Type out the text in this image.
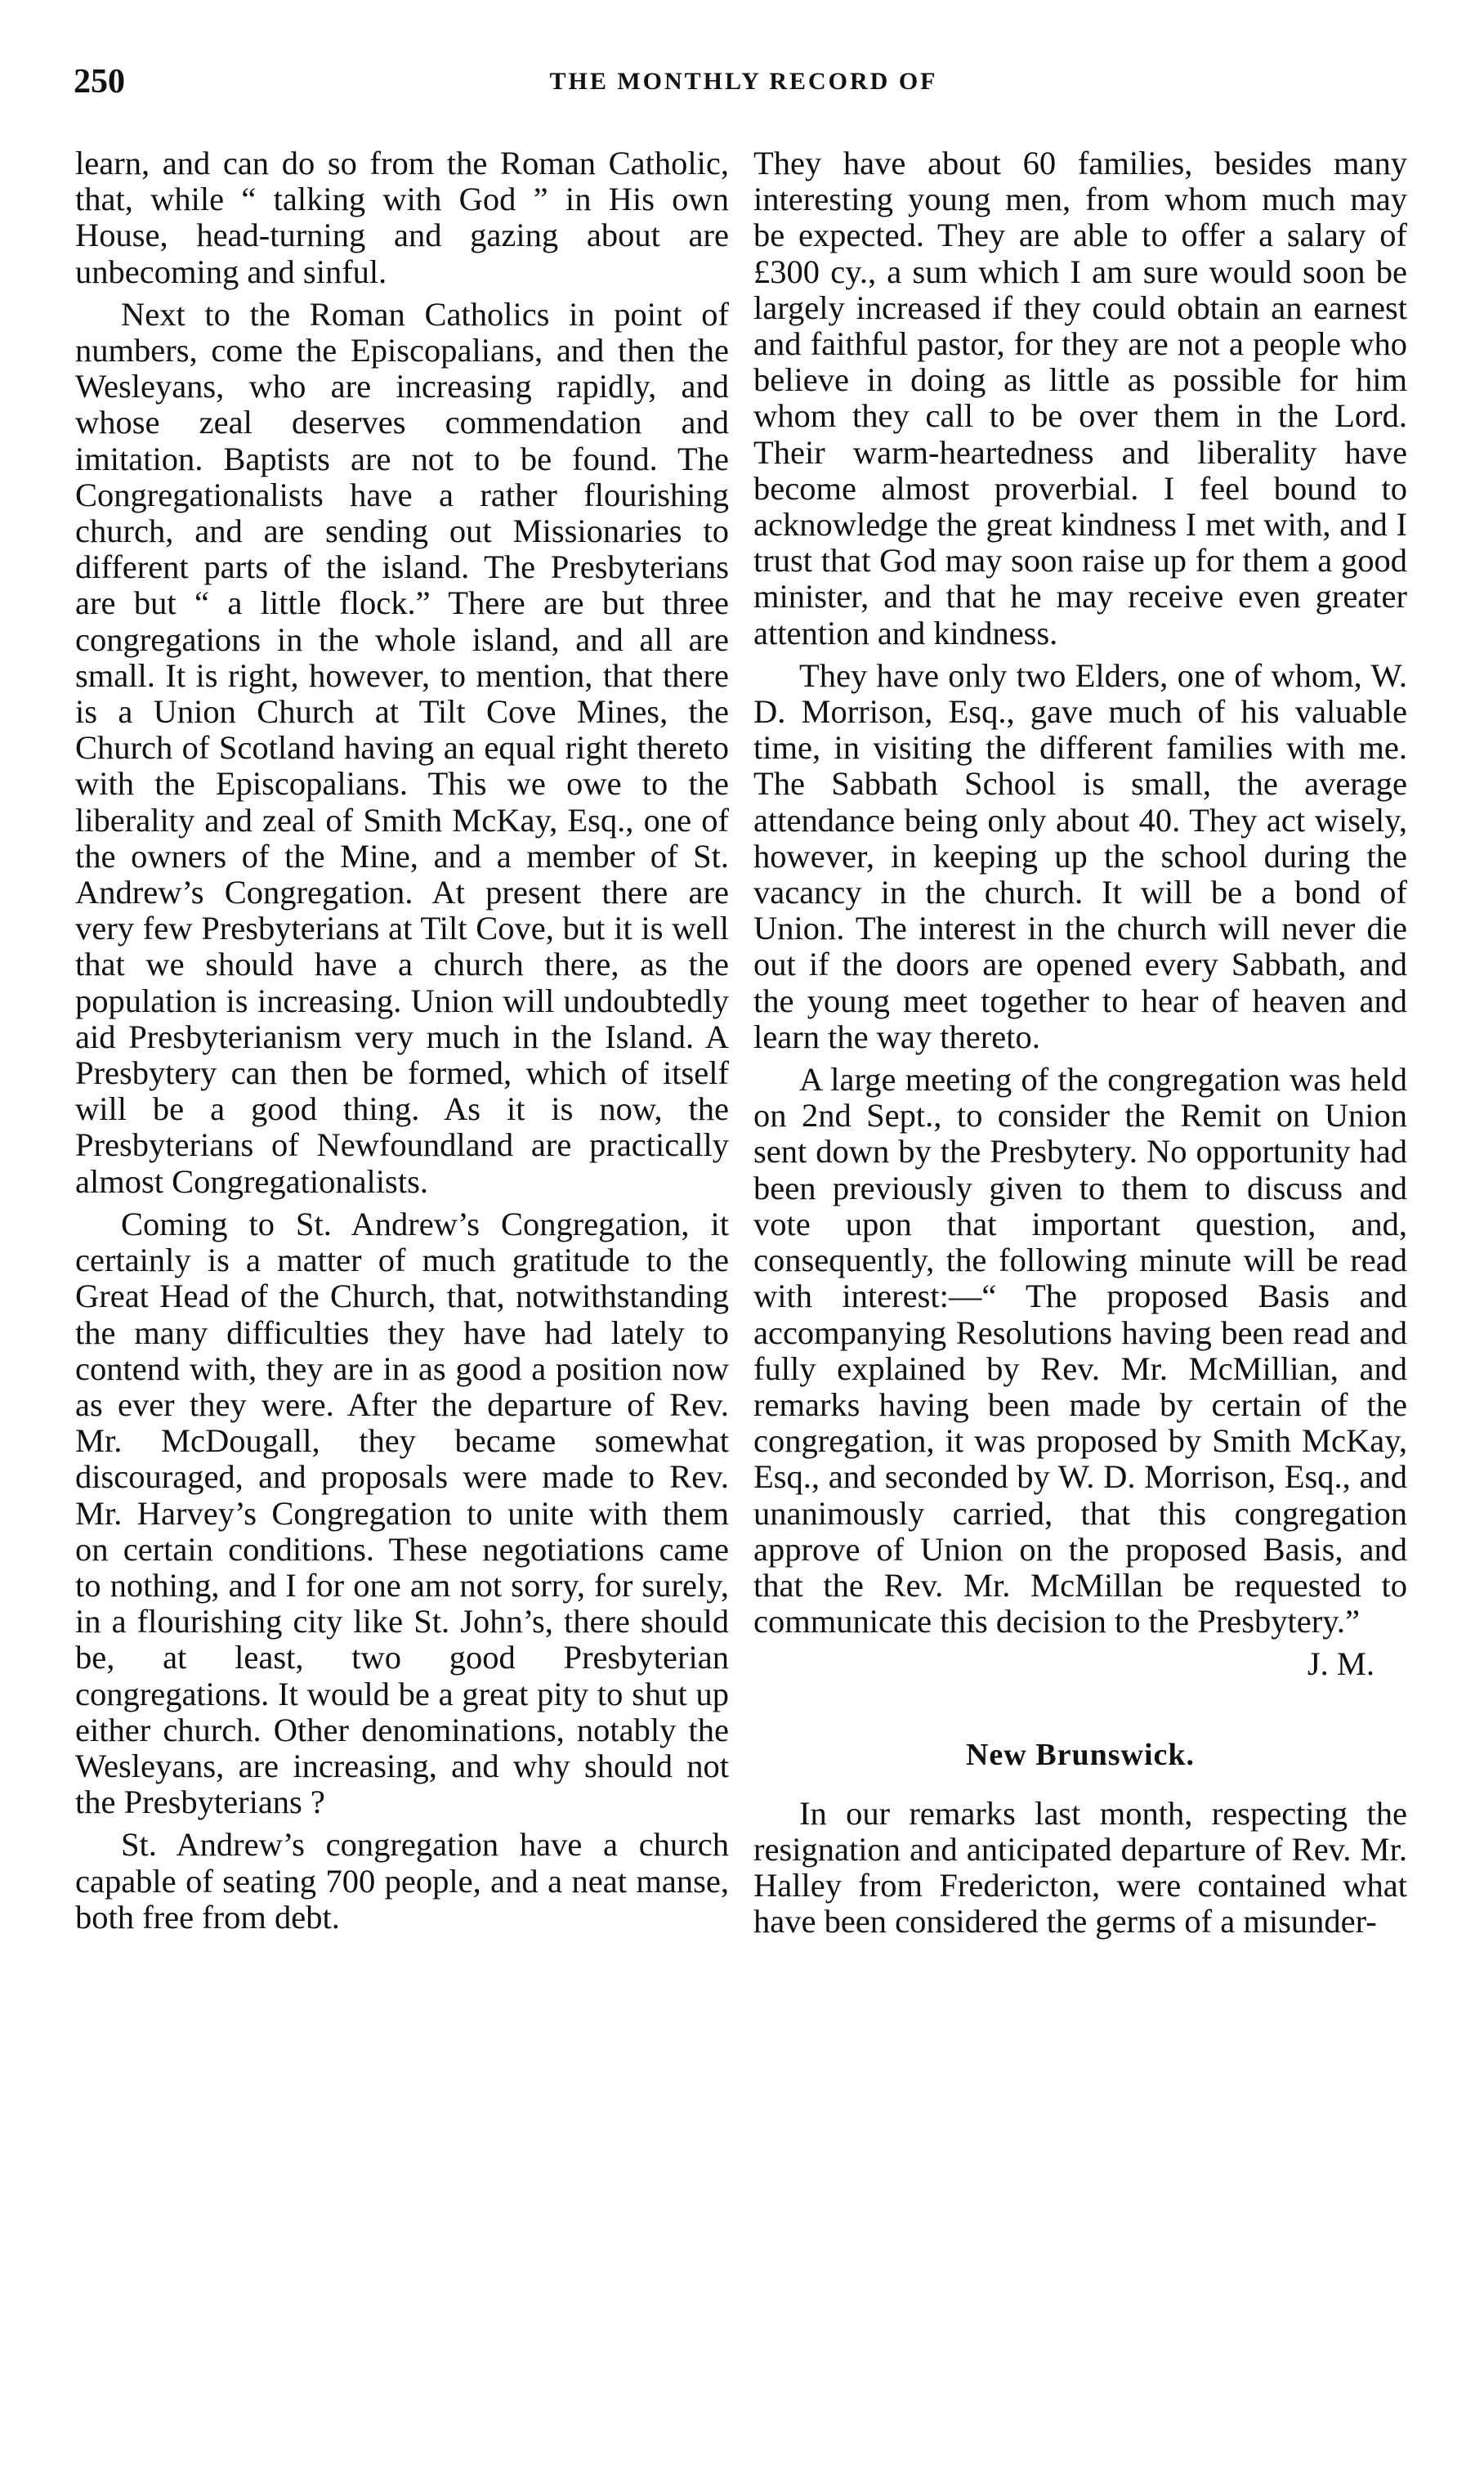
250	THE MONTHLY RECORD OF

learn, and can do so from the Roman Catholic, that, while “ talking with God ” in His own House, head-turning and gazing about are unbecoming and sinful.

Next to the Roman Catholics in point of numbers, come the Episcopalians, and then the Wesleyans, who are increasing rapidly, and whose zeal deserves commendation and imitation. Baptists are not to be found. The Congregationalists have a rather flourishing church, and are sending out Missionaries to different parts of the island. The Presbyterians are but “ a little flock.” There are but three congregations in the whole island, and all are small. It is right, however, to mention, that there is a Union Church at Tilt Cove Mines, the Church of Scotland having an equal right thereto with the Episcopalians. This we owe to the liberality and zeal of Smith McKay, Esq., one of the owners of the Mine, and a member of St. Andrew’s Congregation. At present there are very few Presbyterians at Tilt Cove, but it is well that we should have a church there, as the population is increasing. Union will undoubtedly aid Presbyterianism very much in the Island. A Presbytery can then be formed, which of itself will be a good thing. As it is now, the Presbyterians of Newfoundland are practically almost Congregationalists.

Coming to St. Andrew’s Congregation, it certainly is a matter of much gratitude to the Great Head of the Church, that, notwithstanding the many difficulties they have had lately to contend with, they are in as good a position now as ever they were. After the departure of Rev. Mr. McDougall, they became somewhat discouraged, and proposals were made to Rev. Mr. Harvey’s Congregation to unite with them on certain conditions. These negotiations came to nothing, and I for one am not sorry, for surely, in a flourishing city like St. John’s, there should be, at least, two good Presbyterian congregations. It would be a great pity to shut up either church. Other denominations, notably the Wesleyans, are increasing, and why should not the Presbyterians ?

St. Andrew’s congregation have a church capable of seating 700 people, and a neat manse, both free from debt.

They have about 60 families, besides many interesting young men, from whom much may be expected. They are able to offer a salary of £300 cy., a sum which I am sure would soon be largely increased if they could obtain an earnest and faithful pastor, for they are not a people who believe in doing as little as possible for him whom they call to be over them in the Lord. Their warm-heartedness and liberality have become almost proverbial. I feel bound to acknowledge the great kindness I met with, and I trust that God may soon raise up for them a good minister, and that he may receive even greater attention and kindness.

They have only two Elders, one of whom, W. D. Morrison, Esq., gave much of his valuable time, in visiting the different families with me. The Sabbath School is small, the average attendance being only about 40. They act wisely, however, in keeping up the school during the vacancy in the church. It will be a bond of Union. The interest in the church will never die out if the doors are opened every Sabbath, and the young meet together to hear of heaven and learn the way thereto.

A large meeting of the congregation was held on 2nd Sept., to consider the Remit on Union sent down by the Presbytery. No opportunity had been previously given to them to discuss and vote upon that important question, and, consequently, the following minute will be read with interest:—“ The proposed Basis and accompanying Resolutions having been read and fully explained by Rev. Mr. McMillian, and remarks having been made by certain of the congregation, it was proposed by Smith McKay, Esq., and seconded by W. D. Morrison, Esq., and unanimously carried, that this congregation approve of Union on the proposed Basis, and that the Rev. Mr. McMillan be requested to communicate this decision to the Presbytery.”

J. M.
New Brunswick.

In our remarks last month, respecting the resignation and anticipated departure of Rev. Mr. Halley from Fredericton, were contained what have been considered the germs of a misunder-
